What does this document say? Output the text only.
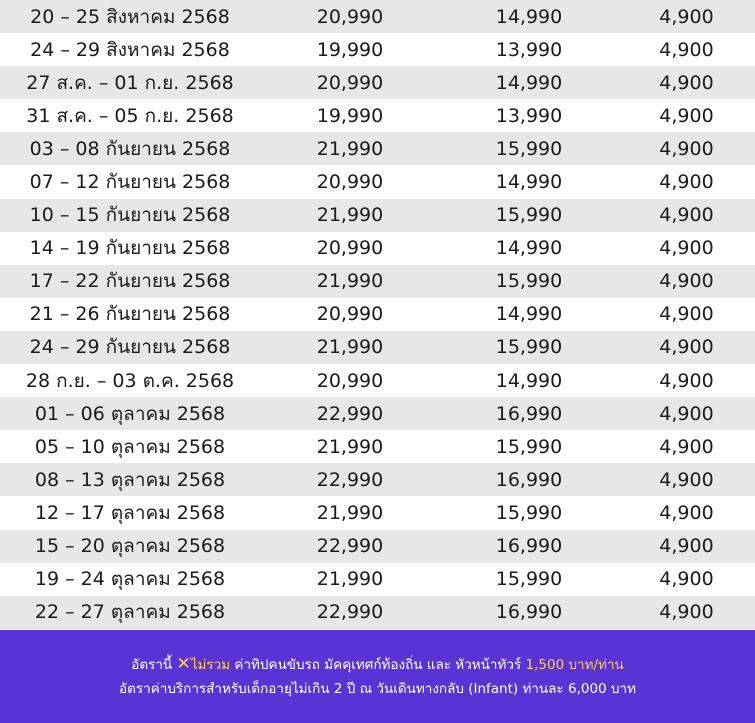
20 – 25 สิงหาคม 2568	20,990	14,990	4,900
24 – 29 สิงหาคม 2568	19,990	13,990	4,900
27 ส.ค. – 01 ก.ย. 2568	20,990	14,990	4,900
31 ส.ค. – 05 ก.ย. 2568	19,990	13,990	4,900
03 – 08 กันยายน 2568	21,990	15,990	4,900
07 – 12 กันยายน 2568	20,990	14,990	4,900
10 – 15 กันยายน 2568	21,990	15,990	4,900
14 – 19 กันยายน 2568	20,990	14,990	4,900
17 – 22 กันยายน 2568	21,990	15,990	4,900
21 – 26 กันยายน 2568	20,990	14,990	4,900
24 – 29 กันยายน 2568	21,990	15,990	4,900
28 ก.ย. – 03 ต.ค. 2568	20,990	14,990	4,900
01 – 06 ตุลาคม 2568	22,990	16,990	4,900
05 – 10 ตุลาคม 2568	21,990	15,990	4,900
08 – 13 ตุลาคม 2568	22,990	16,990	4,900
12 – 17 ตุลาคม 2568	21,990	15,990	4,900
15 – 20 ตุลาคม 2568	22,990	16,990	4,900
19 – 24 ตุลาคม 2568	21,990	15,990	4,900
22 – 27 ตุลาคม 2568	22,990	16,990	4,900
อัตรานี้ ✕ไม่รวม ค่าทิปคนขับรถ มัคคุเทศก์ท้องถิ่น และ หัวหน้าทัวร์ 1,500 บาท/ท่าน
อัตราค่าบริการสำหรับเด็กอายุไม่เกิน 2 ปี ณ วันเดินทางกลับ (Infant) ท่านละ 6,000 บาท
